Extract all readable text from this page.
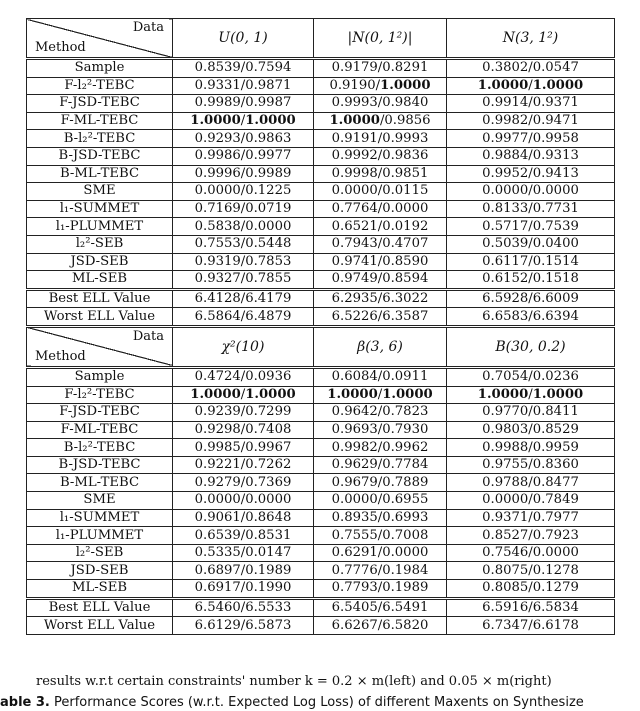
Data
Method	U(0, 1)	|N(0, 1²)|	N(3, 1²)
Sample	0.8539/0.7594	0.9179/0.8291	0.3802/0.0547
F-l₂²-TEBC	0.9331/0.9871	0.9190/1.0000	1.0000/1.0000
F-JSD-TEBC	0.9989/0.9987	0.9993/0.9840	0.9914/0.9371
F-ML-TEBC	1.0000/1.0000	1.0000/0.9856	0.9982/0.9471
B-l₂²-TEBC	0.9293/0.9863	0.9191/0.9993	0.9977/0.9958
B-JSD-TEBC	0.9986/0.9977	0.9992/0.9836	0.9884/0.9313
B-ML-TEBC	0.9996/0.9989	0.9998/0.9851	0.9952/0.9413
SME	0.0000/0.1225	0.0000/0.0115	0.0000/0.0000
l₁-SUMMET	0.7169/0.0719	0.7764/0.0000	0.8133/0.7731
l₁-PLUMMET	0.5838/0.0000	0.6521/0.0192	0.5717/0.7539
l₂²-SEB	0.7553/0.5448	0.7943/0.4707	0.5039/0.0400
JSD-SEB	0.9319/0.7853	0.9741/0.8590	0.6117/0.1514
ML-SEB	0.9327/0.7855	0.9749/0.8594	0.6152/0.1518
Best ELL Value	6.4128/6.4179	6.2935/6.3022	6.5928/6.6009
Worst ELL Value	6.5864/6.4879	6.5226/6.3587	6.6583/6.6394

Data
Method	χ²(10)	β(3, 6)	B(30, 0.2)
Sample	0.4724/0.0936	0.6084/0.0911	0.7054/0.0236
F-l₂²-TEBC	1.0000/1.0000	1.0000/1.0000	1.0000/1.0000
F-JSD-TEBC	0.9239/0.7299	0.9642/0.7823	0.9770/0.8411
F-ML-TEBC	0.9298/0.7408	0.9693/0.7930	0.9803/0.8529
B-l₂²-TEBC	0.9985/0.9967	0.9982/0.9962	0.9988/0.9959
B-JSD-TEBC	0.9221/0.7262	0.9629/0.7784	0.9755/0.8360
B-ML-TEBC	0.9279/0.7369	0.9679/0.7889	0.9788/0.8477
SME	0.0000/0.0000	0.0000/0.6955	0.0000/0.7849
l₁-SUMMET	0.9061/0.8648	0.8935/0.6993	0.9371/0.7977
l₁-PLUMMET	0.6539/0.8531	0.7555/0.7008	0.8527/0.7923
l₂²-SEB	0.5335/0.0147	0.6291/0.0000	0.7546/0.0000
JSD-SEB	0.6897/0.1989	0.7776/0.1984	0.8075/0.1278
ML-SEB	0.6917/0.1990	0.7793/0.1989	0.8085/0.1279
Best ELL Value	6.5460/6.5533	6.5405/6.5491	6.5916/6.5834
Worst ELL Value	6.6129/6.5873	6.6267/6.5820	6.7347/6.6178
results w.r.t certain constraints' number k = 0.2 × m(left) and 0.05 × m(right)
able 3. Performance Scores (w.r.t. Expected Log Loss) of different Maxents on Synthesize
